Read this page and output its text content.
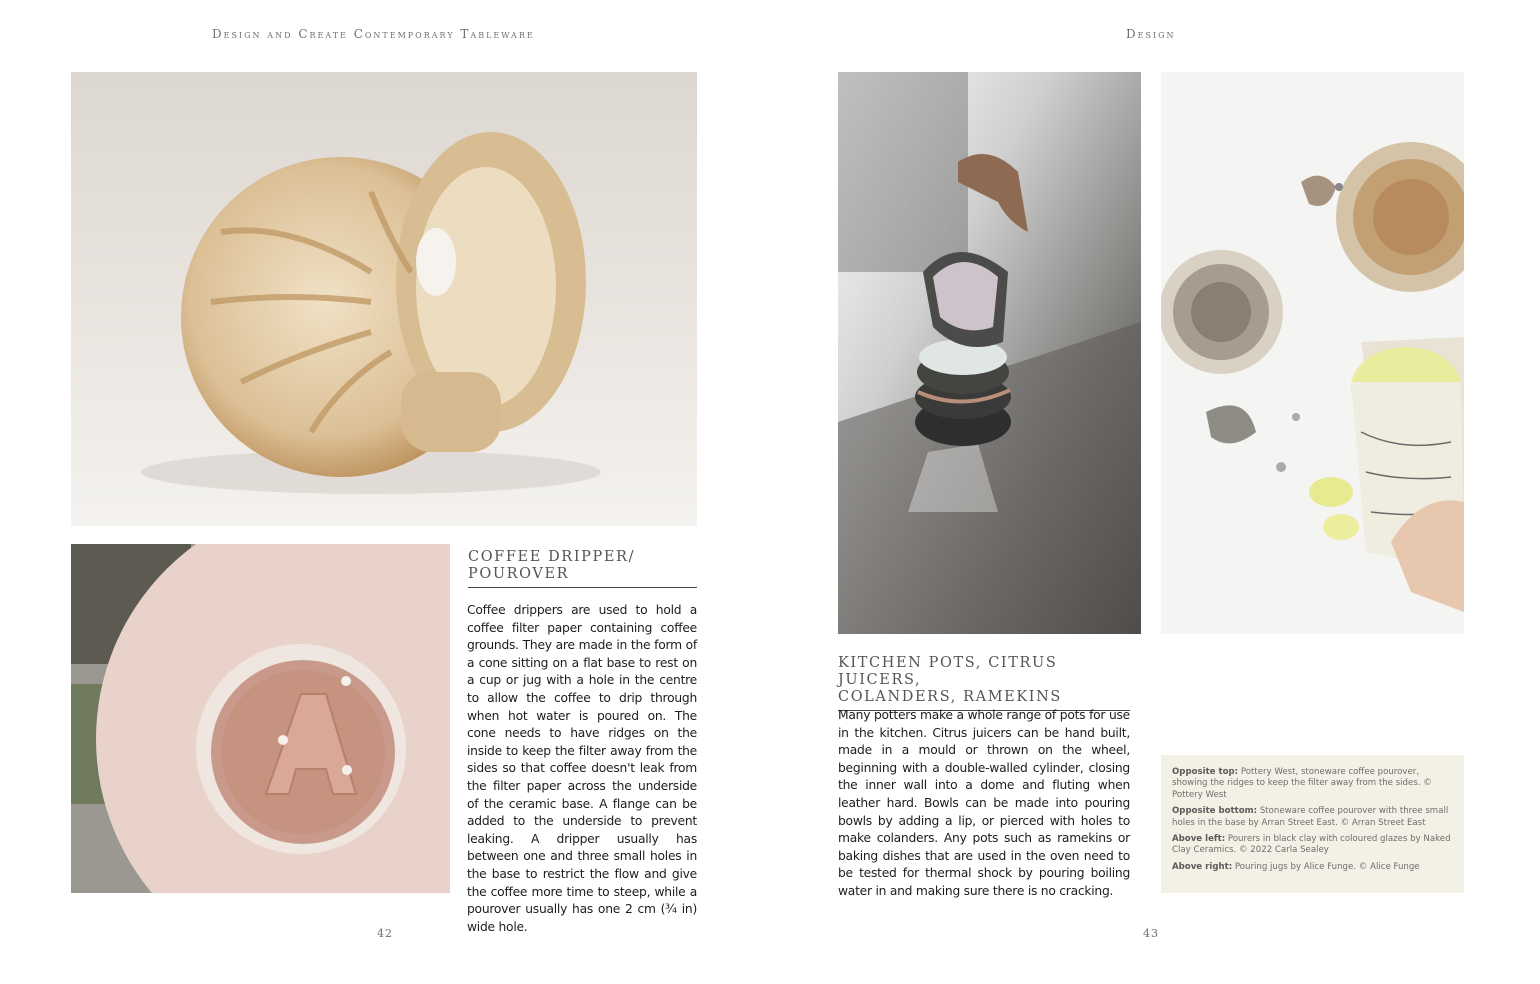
Design and Create Contemporary Tableware	Design
COFFEE DRIPPER/
POUROVER

Coffee drippers are used to hold a coffee filter paper containing coffee grounds. They are made in the form of a cone sitting on a flat base to rest on a cup or jug with a hole in the centre to allow the coffee to drip through when hot water is poured on. The cone needs to have ridges on the inside to keep the filter away from the sides so that coffee doesn't leak from the filter paper across the underside of the ceramic base. A flange can be added to the underside to prevent leaking. A dripper usually has between one and three small holes in the base to restrict the flow and give the coffee more time to steep, while a pourover usually has one 2 cm (¾ in) wide hole.

42
KITCHEN POTS, CITRUS JUICERS,
COLANDERS, RAMEKINS

Many potters make a whole range of pots for use in the kitchen. Citrus juicers can be hand built, made in a mould or thrown on the wheel, beginning with a double-walled cylinder, closing the inner wall into a dome and fluting when leather hard. Bowls can be made into pouring bowls by adding a lip, or pierced with holes to make colanders. Any pots such as ramekins or baking dishes that are used in the oven need to be tested for thermal shock by pouring boiling water in and making sure there is no cracking.

Opposite top: Pottery West, stoneware coffee pourover, showing the ridges to keep the filter away from the sides. © Pottery West

Opposite bottom: Stoneware coffee pourover with three small holes in the base by Arran Street East. © Arran Street East

Above left: Pourers in black clay with coloured glazes by Naked Clay Ceramics. © 2022 Carla Sealey

Above right: Pouring jugs by Alice Funge. © Alice Funge

43
